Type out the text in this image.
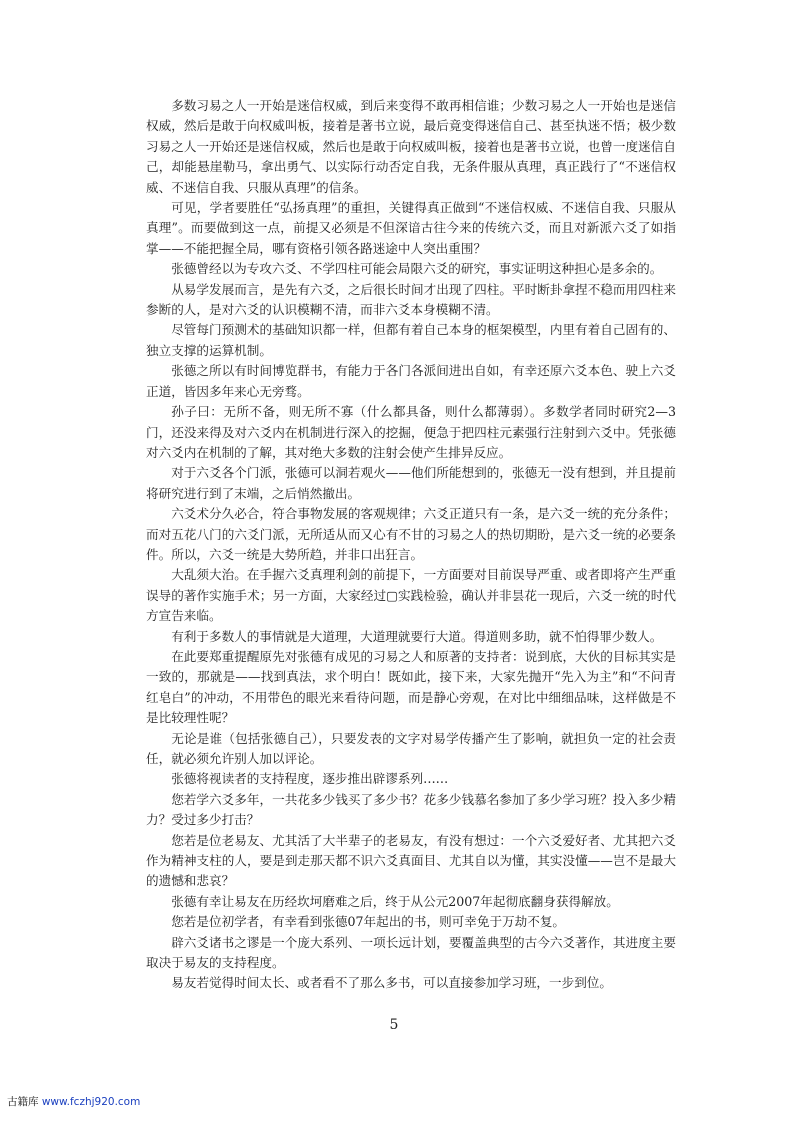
多数习易之人一开始是迷信权威，到后来变得不敢再相信谁；少数习易之人一开始也是迷信权威，然后是敢于向权威叫板，接着是著书立说，最后竟变得迷信自己、甚至执迷不悟；极少数习易之人一开始还是迷信权威，然后也是敢于向权威叫板，接着也是著书立说，也曾一度迷信自己，却能悬崖勒马，拿出勇气、以实际行动否定自我，无条件服从真理，真正践行了“不迷信权威、不迷信自我、只服从真理”的信条。

可见，学者要胜任“弘扬真理”的重担，关键得真正做到“不迷信权威、不迷信自我、只服从真理”。而要做到这一点，前提又必须是不但深谙古往今来的传统六爻，而且对新派六爻了如指掌——不能把握全局，哪有资格引领各路迷途中人突出重围？

张德曾经以为专攻六爻、不学四柱可能会局限六爻的研究，事实证明这种担心是多余的。

从易学发展而言，是先有六爻，之后很长时间才出现了四柱。平时断卦拿捏不稳而用四柱来参断的人，是对六爻的认识模糊不清，而非六爻本身模糊不清。

尽管每门预测术的基础知识都一样，但都有着自己本身的框架模型，内里有着自己固有的、独立支撑的运算机制。

张德之所以有时间博览群书，有能力于各门各派间进出自如，有幸还原六爻本色、驶上六爻正道，皆因多年来心无旁骛。

孙子曰：无所不备，则无所不寡（什么都具备，则什么都薄弱）。多数学者同时研究2—3门，还没来得及对六爻内在机制进行深入的挖掘，便急于把四柱元素强行注射到六爻中。凭张德对六爻内在机制的了解，其对绝大多数的注射会使产生排异反应。

对于六爻各个门派，张德可以洞若观火——他们所能想到的，张德无一没有想到，并且提前将研究进行到了末端，之后悄然撤出。

六爻术分久必合，符合事物发展的客观规律；六爻正道只有一条，是六爻一统的充分条件；而对五花八门的六爻门派，无所适从而又心有不甘的习易之人的热切期盼，是六爻一统的必要条件。所以，六爻一统是大势所趋，并非口出狂言。

大乱须大治。在手握六爻真理利剑的前提下，一方面要对目前误导严重、或者即将产生严重误导的著作实施手术；另一方面，大家经过▢实践检验，确认并非昙花一现后，六爻一统的时代方宣告来临。

有利于多数人的事情就是大道理，大道理就要行大道。得道则多助，就不怕得罪少数人。

在此要郑重提醒原先对张德有成见的习易之人和原著的支持者：说到底，大伙的目标其实是一致的，那就是——找到真法，求个明白！既如此，接下来，大家先抛开“先入为主”和“不问青红皂白”的冲动，不用带色的眼光来看待问题，而是静心旁观，在对比中细细品味，这样做是不是比较理性呢？

无论是谁（包括张德自己），只要发表的文字对易学传播产生了影响，就担负一定的社会责任，就必须允许别人加以评论。

张德将视读者的支持程度，逐步推出辟谬系列……

您若学六爻多年，一共花多少钱买了多少书？花多少钱慕名参加了多少学习班？投入多少精力？受过多少打击？

您若是位老易友、尤其活了大半辈子的老易友，有没有想过：一个六爻爱好者、尤其把六爻作为精神支柱的人，要是到走那天都不识六爻真面目、尤其自以为懂，其实没懂——岂不是最大的遗憾和悲哀？

张德有幸让易友在历经坎坷磨难之后，终于从公元2007年起彻底翻身获得解放。

您若是位初学者，有幸看到张德07年起出的书，则可幸免于万劫不复。

辟六爻诸书之谬是一个庞大系列、一项长远计划，要覆盖典型的古今六爻著作，其进度主要取决于易友的支持程度。

易友若觉得时间太长、或者看不了那么多书，可以直接参加学习班，一步到位。

5
古籍库 www.fczhj920.com
